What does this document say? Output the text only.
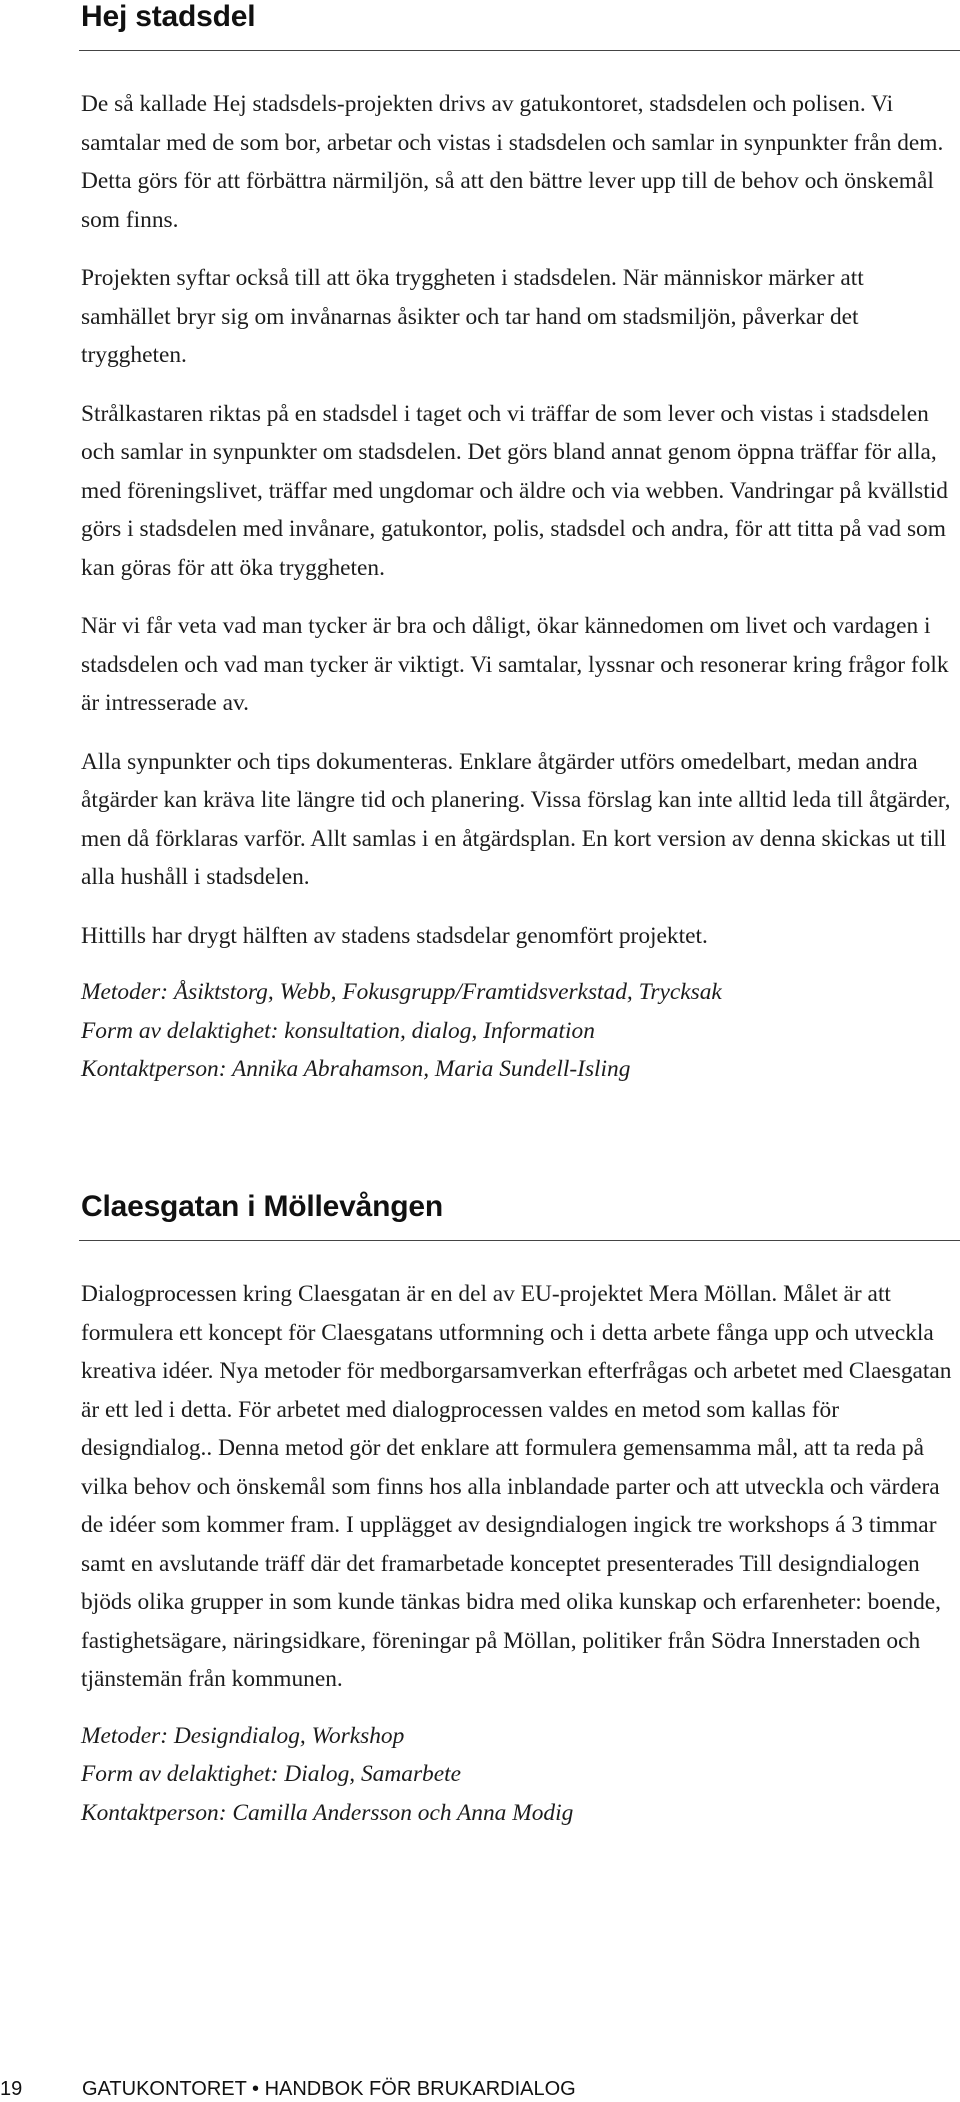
Hej stadsdel

De så kallade Hej stadsdels-projekten drivs av gatukontoret, stadsdelen och polisen. Vi samtalar med de som bor, arbetar och vistas i stadsdelen och samlar in synpunkter från dem. Detta görs för att förbättra närmiljön, så att den bättre lever upp till de behov och önskemål som finns.

Projekten syftar också till att öka tryggheten i stadsdelen. När människor märker att samhället bryr sig om invånarnas åsikter och tar hand om stadsmiljön, påverkar det tryggheten.

Strålkastaren riktas på en stadsdel i taget och vi träffar de som lever och vistas i stadsdelen och samlar in synpunkter om stadsdelen. Det görs bland annat genom öppna träffar för alla, med föreningslivet, träffar med ungdomar och äldre och via webben. Vandringar på kvällstid görs i stadsdelen med invånare, gatukontor, polis, stadsdel och andra, för att titta på vad som kan göras för att öka tryggheten.

När vi får veta vad man tycker är bra och dåligt, ökar kännedomen om livet och vardagen i stadsdelen och vad man tycker är viktigt. Vi samtalar, lyssnar och resonerar kring frågor folk är intresserade av.

Alla synpunkter och tips dokumenteras. Enklare åtgärder utförs omedelbart, medan andra åtgärder kan kräva lite längre tid och planering. Vissa förslag kan inte alltid leda till åtgärder, men då förklaras varför. Allt samlas i en åtgärdsplan. En kort version av denna skickas ut till alla hushåll i stadsdelen.

Hittills har drygt hälften av stadens stadsdelar genomfört projektet.

Metoder: Åsiktstorg, Webb, Fokusgrupp/Framtidsverkstad, Trycksak

Form av delaktighet: konsultation, dialog, Information

Kontaktperson: Annika Abrahamson, Maria Sundell-Isling

Claesgatan i Möllevången

Dialogprocessen kring Claesgatan är en del av EU-projektet Mera Möllan. Målet är att formulera ett koncept för Claesgatans utformning och i detta arbete fånga upp och utveckla kreativa idéer. Nya metoder för medborgarsamverkan efterfrågas och arbetet med Claesgatan är ett led i detta. För arbetet med dialogprocessen valdes en metod som kallas för designdialog.. Denna metod gör det enklare att formulera gemensamma mål, att ta reda på vilka behov och önskemål som finns hos alla inblandade parter och att utveckla och värdera de idéer som kommer fram. I upplägget av designdialogen ingick tre workshops á 3 timmar samt en avslutande träff där det framarbetade konceptet presenterades Till designdialogen bjöds olika grupper in som kunde tänkas bidra med olika kunskap och erfarenheter: boende, fastighetsägare, näringsidkare, föreningar på Möllan, politiker från Södra Innerstaden och tjänstemän från kommunen.

Metoder: Designdialog, Workshop

Form av delaktighet: Dialog, Samarbete

Kontaktperson: Camilla Andersson och Anna Modig

19	GATUKONTORET • HANDBOK FÖR BRUKARDIALOG
